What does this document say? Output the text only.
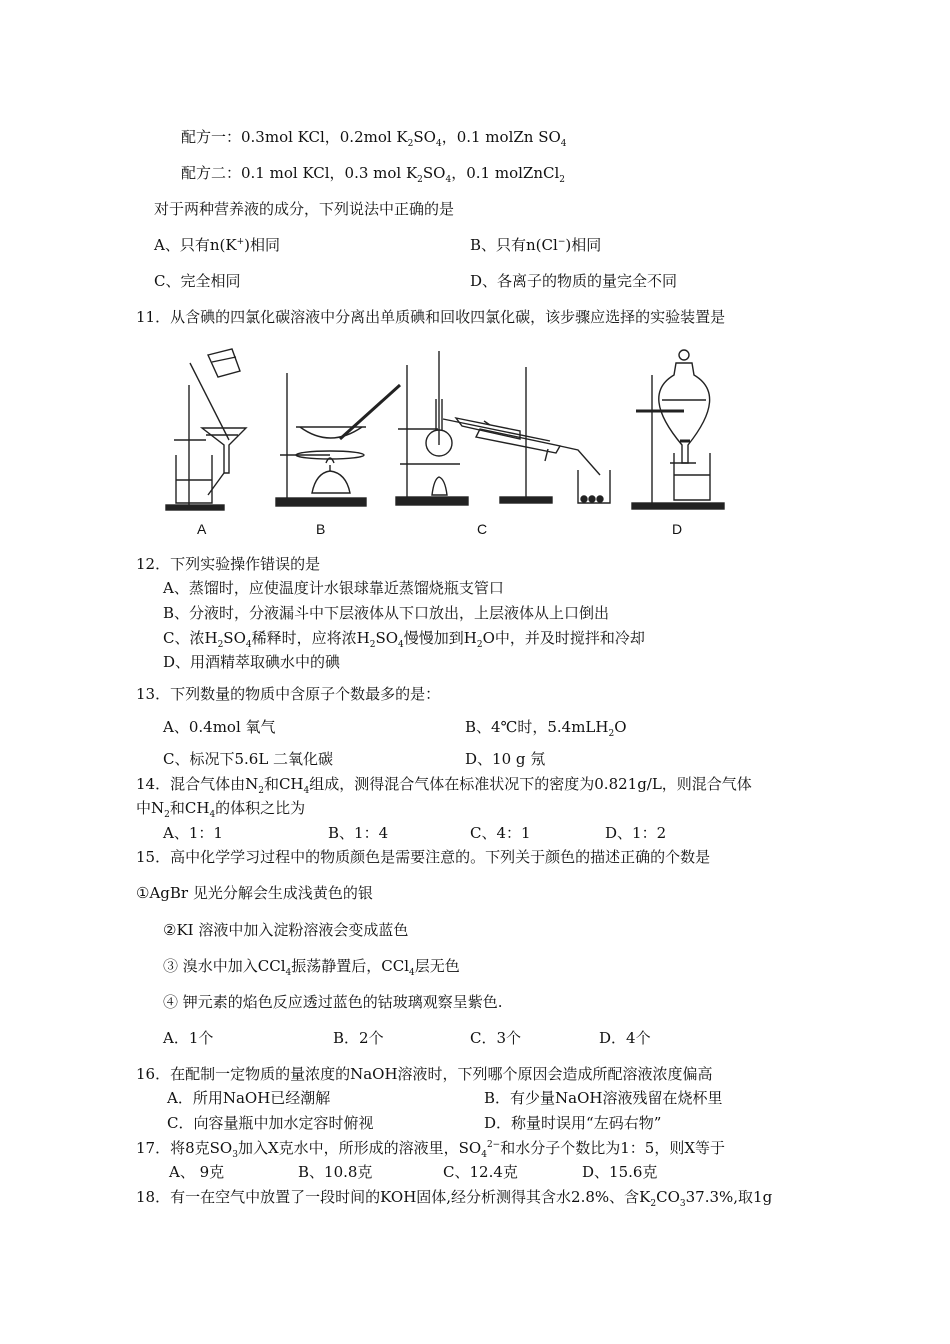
配方一：0.3mol KCl，0.2mol $K_2SO_4$，0.1 molZn $SO_4$
配方二：0.1 mol KCl，0.3 mol $K_2SO_4$，0.1 molZnCl$_2$
对于两种营养液的成分，下列说法中正确的是
A、只有n(K+)相同	B、只有n(Cl−)相同
C、完全相同	D、各离子的物质的量完全不同
11．从含碘的四氯化碳溶液中分离出单质碘和回收四氯化碳，该步骤应选择的实验装置是
A	B	C	D
12．下列实验操作错误的是
A、蒸馏时，应使温度计水银球靠近蒸馏烧瓶支管口
B、分液时，分液漏斗中下层液体从下口放出，上层液体从上口倒出
C、浓$H_2SO_4$稀释时，应将浓$H_2SO_4$慢慢加到$H_2O$中，并及时搅拌和冷却
D、用酒精萃取碘水中的碘
13．下列数量的物质中含原子个数最多的是：
A、0.4mol 氧气	B、4℃时，5.4mLH$_2$O
C、标况下5.6L 二氧化碳	D、10 g 氖
14．混合气体由$N_2$和$CH_4$组成，测得混合气体在标准状况下的密度为0.821g/L，则混合气体
中$N_2$和$CH_4$的体积之比为
A、1：1	B、1：4	C、4：1	D、1：2
15．高中化学学习过程中的物质颜色是需要注意的。下列关于颜色的描述正确的个数是
①AgBr 见光分解会生成浅黄色的银
②KI 溶液中加入淀粉溶液会变成蓝色
③ 溴水中加入CCl$_4$振荡静置后，CCl$_4$层无色
④ 钾元素的焰色反应透过蓝色的钴玻璃观察呈紫色.
A．1个	B．2个	C．3个	D．4个
16．在配制一定物质的量浓度的NaOH溶液时，下列哪个原因会造成所配溶液浓度偏高
A．所用NaOH已经潮解	B．有少量NaOH溶液残留在烧杯里
C．向容量瓶中加水定容时俯视	D．称量时误用“左码右物”
17．将8克$SO_3$加入X克水中，所形成的溶液里，$SO_4^{2-}$和水分子个数比为1：5，则X等于
A、 9克	B、10.8克	C、12.4克	D、15.6克
18．有一在空气中放置了一段时间的KOH固体,经分析测得其含水2.8%、含$K_2CO_337.3\%$,取1g
